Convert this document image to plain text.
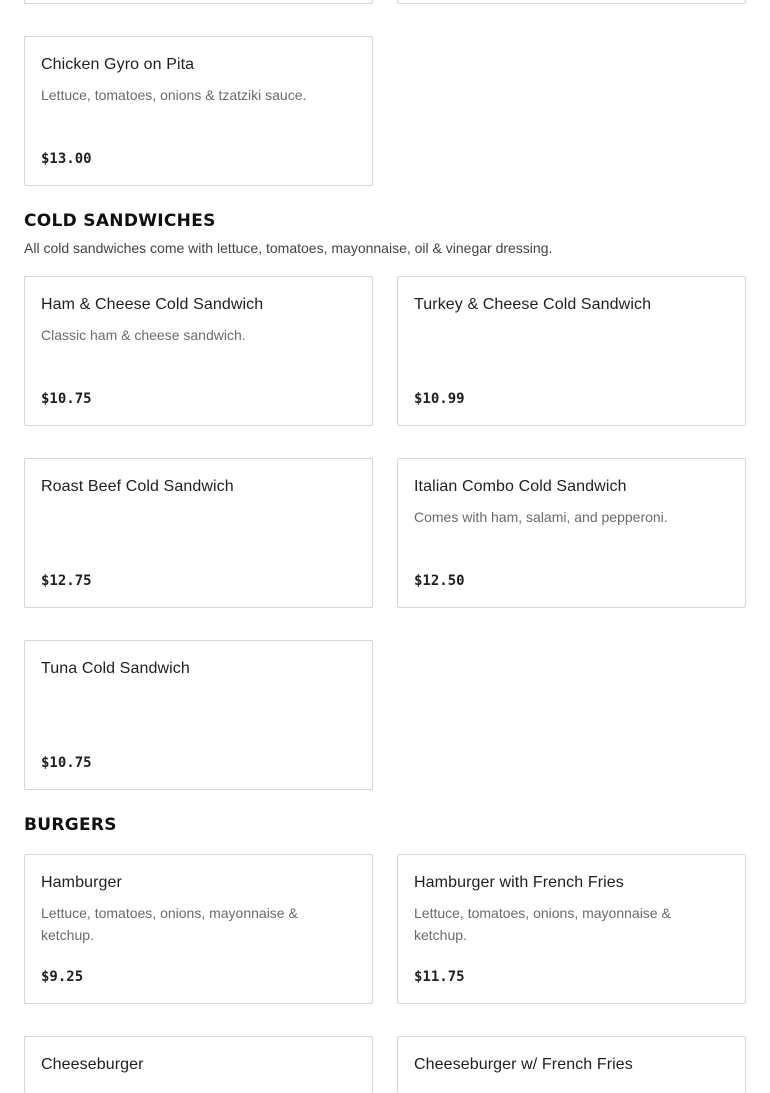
Chicken Gyro on Pita
Lettuce, tomatoes, onions & tzatziki sauce.
$13.00
COLD SANDWICHES

All cold sandwiches come with lettuce, tomatoes, mayonnaise, oil & vinegar dressing.

Ham & Cheese Cold Sandwich
Classic ham & cheese sandwich.
$10.75
Turkey & Cheese Cold Sandwich
$10.99
Roast Beef Cold Sandwich
$12.75
Italian Combo Cold Sandwich
Comes with ham, salami, and pepperoni.
$12.50
Tuna Cold Sandwich
$10.75
BURGERS
Hamburger
Lettuce, tomatoes, onions, mayonnaise & ketchup.
$9.25
Hamburger with French Fries
Lettuce, tomatoes, onions, mayonnaise & ketchup.
$11.75
Cheeseburger	Cheeseburger w/ French Fries
